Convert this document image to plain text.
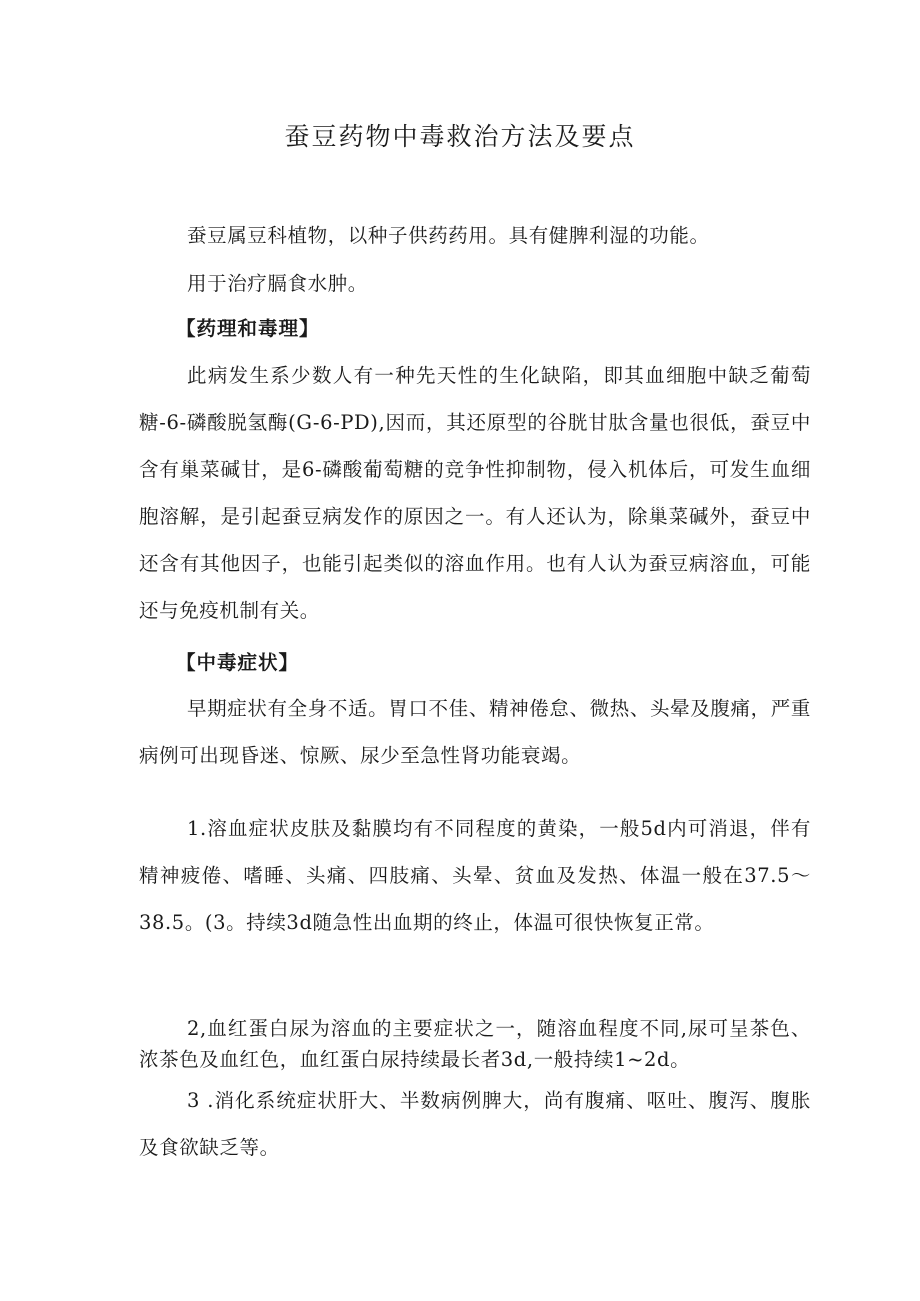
蚕豆药物中毒救治方法及要点

蚕豆属豆科植物，以种子供药药用。具有健脾利湿的功能。

用于治疗膈食水肿。

【药理和毒理】

此病发生系少数人有一种先天性的生化缺陷，即其血细胞中缺乏葡萄糖-6-磷酸脱氢酶(G-6-PD),因而，其还原型的谷胱甘肽含量也很低，蚕豆中含有巢菜碱甘，是6-磷酸葡萄糖的竞争性抑制物，侵入机体后，可发生血细胞溶解，是引起蚕豆病发作的原因之一。有人还认为，除巢菜碱外，蚕豆中还含有其他因子，也能引起类似的溶血作用。也有人认为蚕豆病溶血，可能还与免疫机制有关。

【中毒症状】

早期症状有全身不适。胃口不佳、精神倦怠、微热、头晕及腹痛，严重病例可出现昏迷、惊厥、尿少至急性肾功能衰竭。

1.溶血症状皮肤及黏膜均有不同程度的黄染，一般5d内可消退，伴有精神疲倦、嗜睡、头痛、四肢痛、头晕、贫血及发热、体温一般在37.5～38.5。(3。持续3d随急性出血期的终止，体温可很快恢复正常。

2,血红蛋白尿为溶血的主要症状之一，随溶血程度不同,尿可呈茶色、浓茶色及血红色，血红蛋白尿持续最长者3d,一般持续1~2d。

3 .消化系统症状肝大、半数病例脾大，尚有腹痛、呕吐、腹泻、腹胀及食欲缺乏等。
